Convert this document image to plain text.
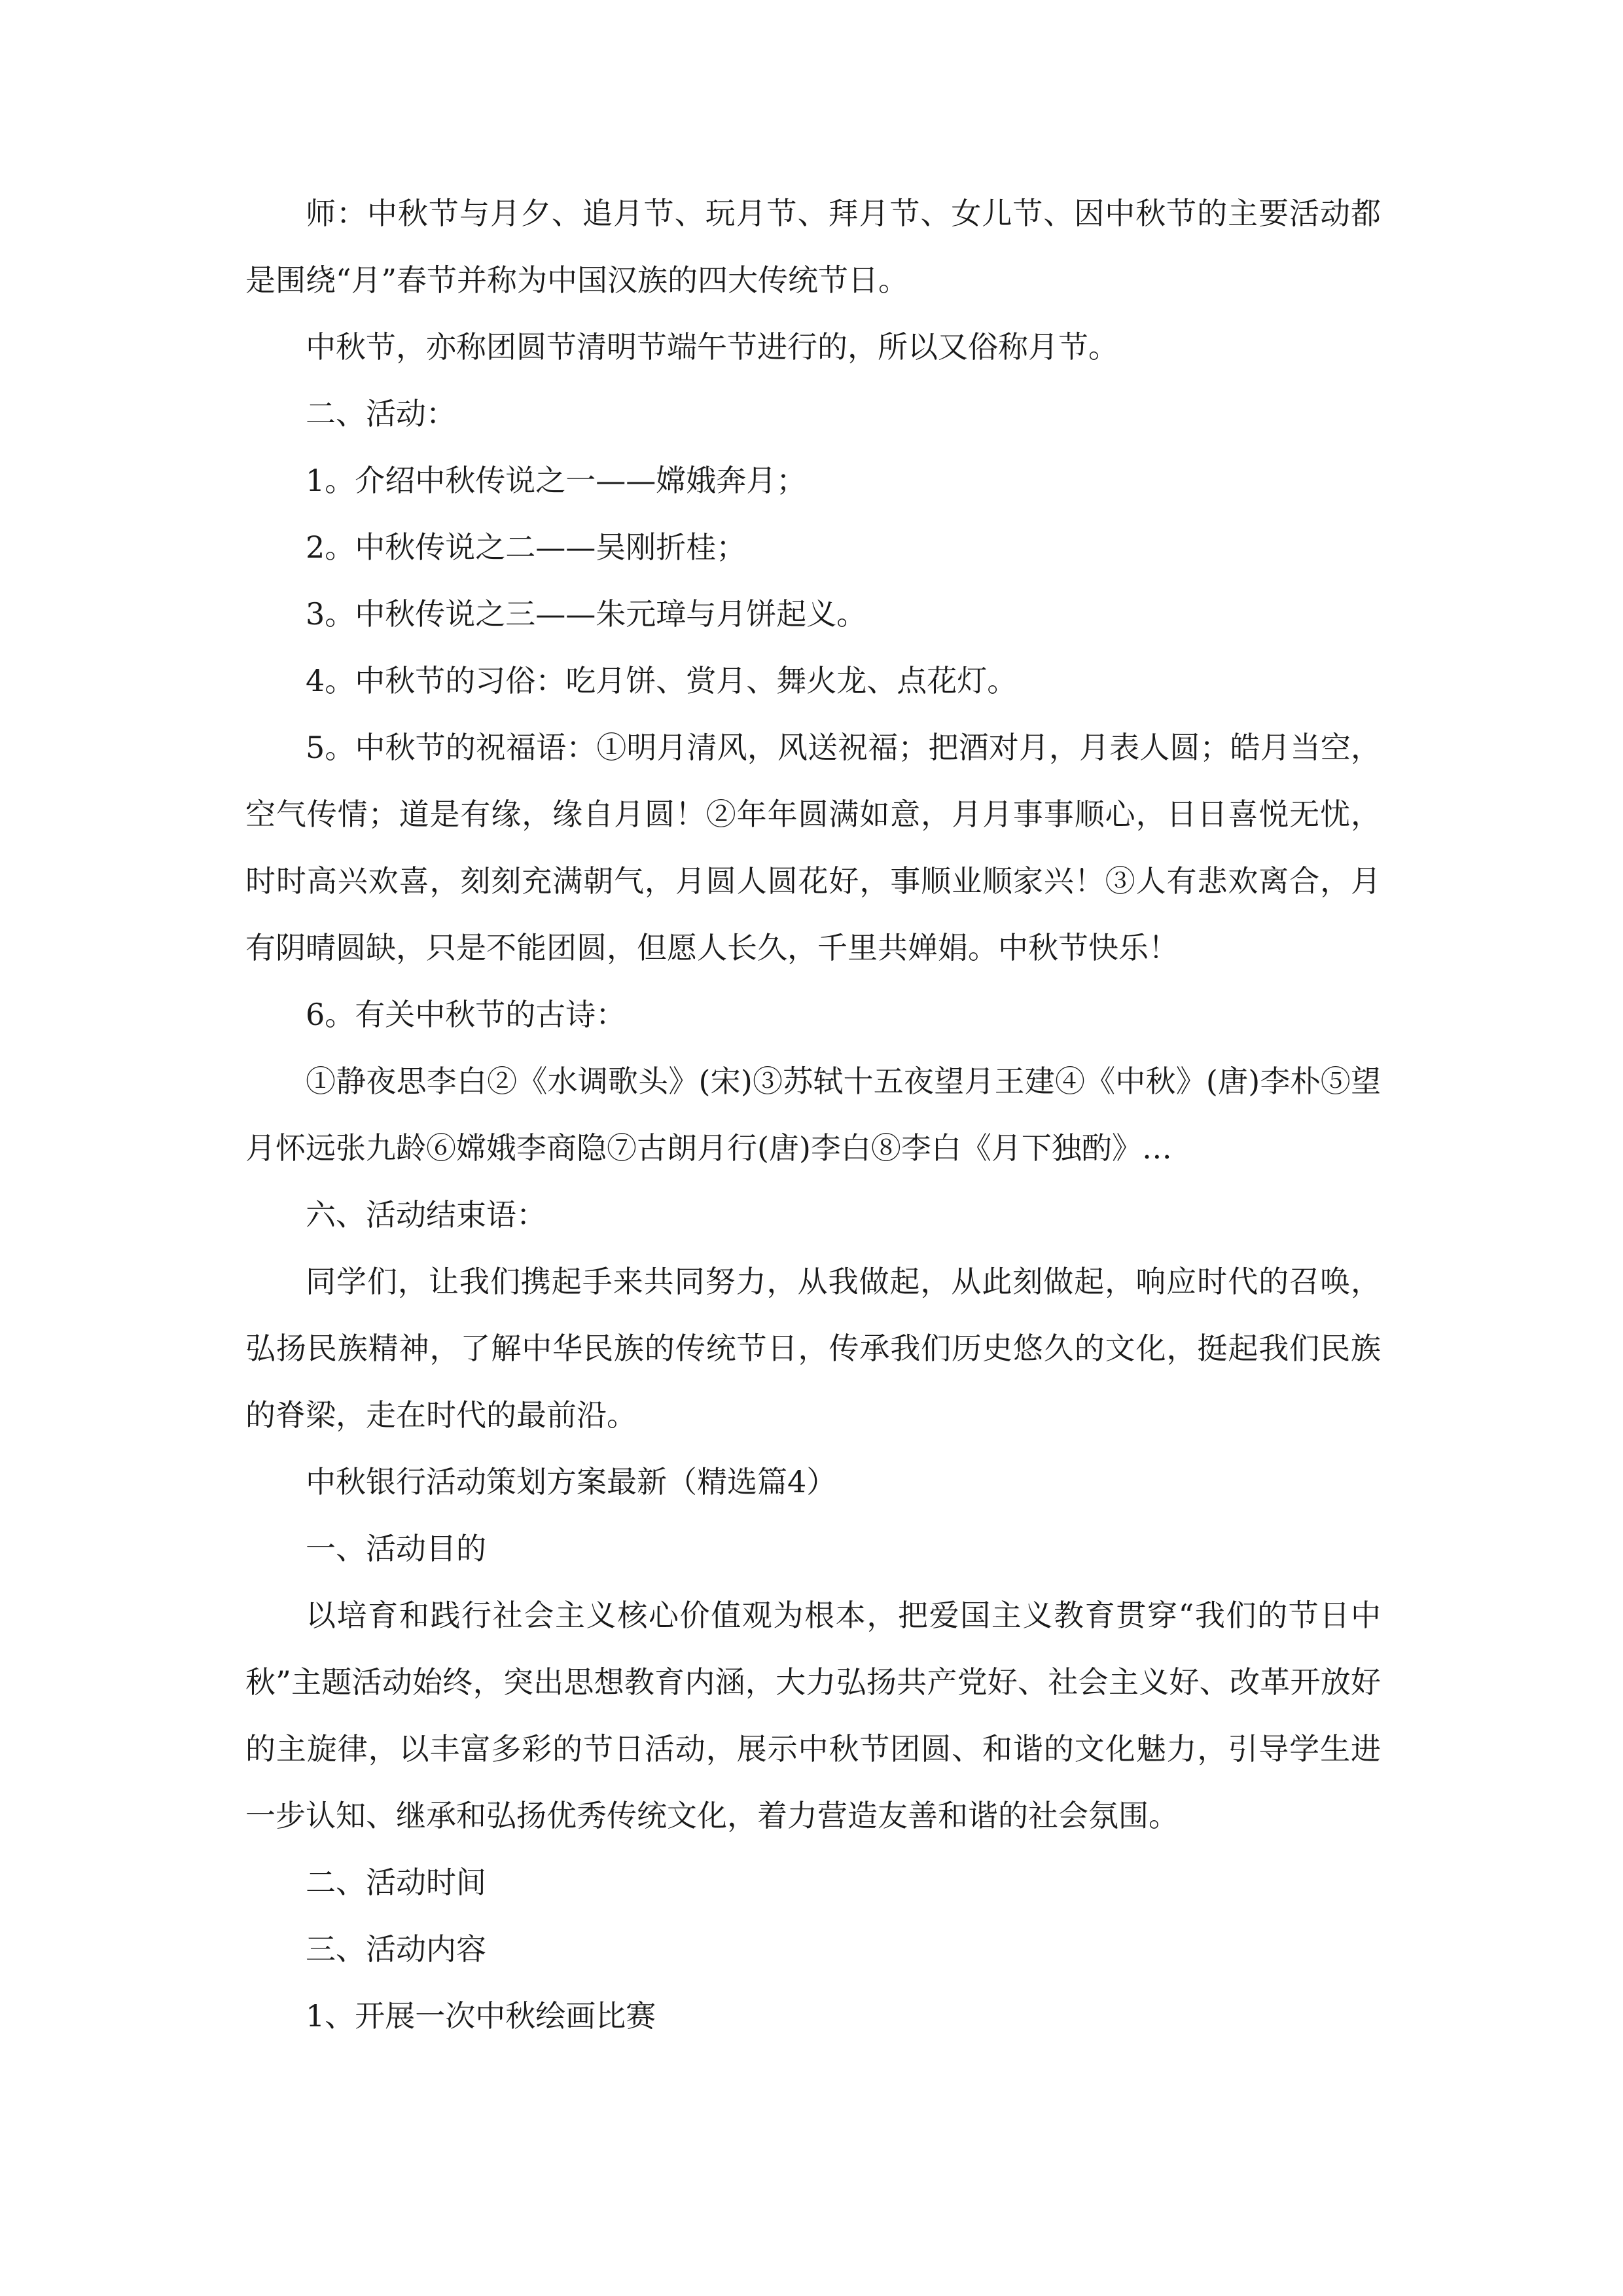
师：中秋节与月夕、追月节、玩月节、拜月节、女儿节、因中秋节的主要活动都是围绕“月”春节并称为中国汉族的四大传统节日。

中秋节，亦称团圆节清明节端午节进行的，所以又俗称月节。

二、活动：

1。介绍中秋传说之一——嫦娥奔月；

2。中秋传说之二——吴刚折桂；

3。中秋传说之三——朱元璋与月饼起义。

4。中秋节的习俗：吃月饼、赏月、舞火龙、点花灯。

5。中秋节的祝福语：①明月清风，风送祝福；把酒对月，月表人圆；皓月当空，空气传情；道是有缘，缘自月圆！②年年圆满如意，月月事事顺心，日日喜悦无忧，时时高兴欢喜，刻刻充满朝气，月圆人圆花好，事顺业顺家兴！③人有悲欢离合，月有阴晴圆缺，只是不能团圆，但愿人长久，千里共婵娟。中秋节快乐！

6。有关中秋节的古诗：

①静夜思李白②《水调歌头》(宋)③苏轼十五夜望月王建④《中秋》(唐)李朴⑤望月怀远张九龄⑥嫦娥李商隐⑦古朗月行(唐)李白⑧李白《月下独酌》…

六、活动结束语：

同学们，让我们携起手来共同努力，从我做起，从此刻做起，响应时代的召唤，弘扬民族精神，了解中华民族的传统节日，传承我们历史悠久的文化，挺起我们民族的脊梁，走在时代的最前沿。

中秋银行活动策划方案最新（精选篇4）

一、活动目的

以培育和践行社会主义核心价值观为根本，把爱国主义教育贯穿“我们的节日中秋”主题活动始终，突出思想教育内涵，大力弘扬共产党好、社会主义好、改革开放好的主旋律，以丰富多彩的节日活动，展示中秋节团圆、和谐的文化魅力，引导学生进一步认知、继承和弘扬优秀传统文化，着力营造友善和谐的社会氛围。

二、活动时间

三、活动内容

1、开展一次中秋绘画比赛
